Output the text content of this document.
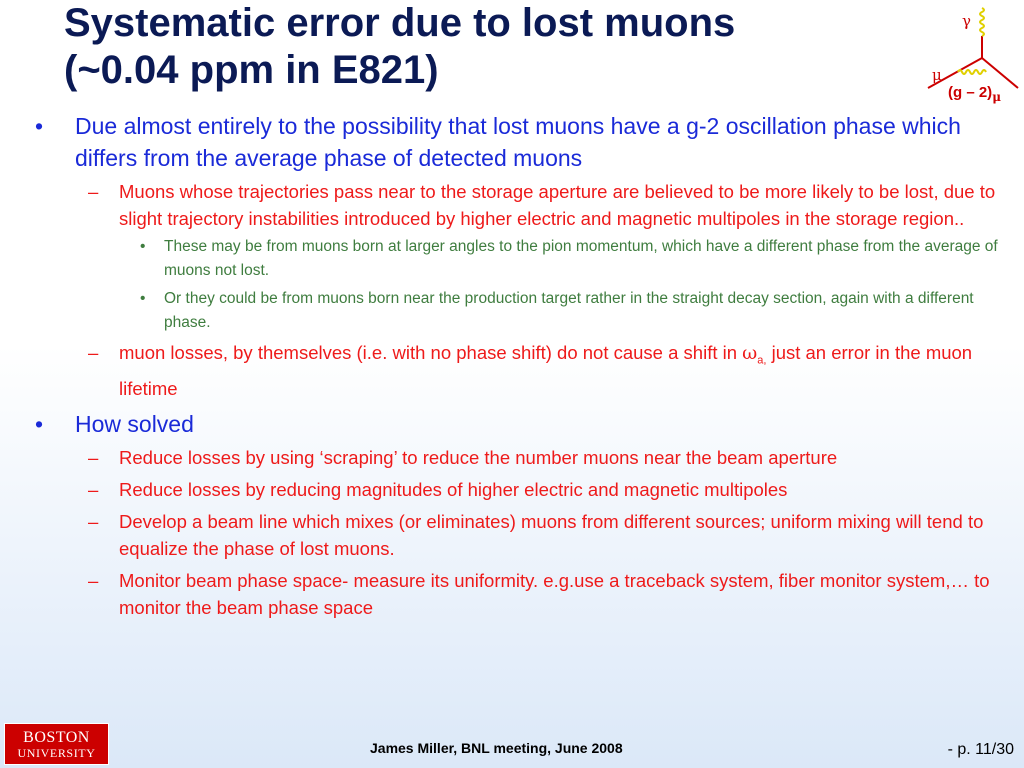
Systematic error due to lost muons
(~0.04 ppm in E821)
γ
μ
$(g - 2)_\mu$
• Due almost entirely to the possibility that lost muons have a g-2 oscillation phase which differs from the average phase of detected muons
– Muons whose trajectories pass near to the storage aperture are believed to be more likely to be lost, due to slight trajectory instabilities introduced by higher electric and magnetic multipoles in the storage region..
• These may be from muons born at larger angles to the pion momentum, which have a different phase from the average of muons not lost.
• Or they could be from muons born near the production target rather in the straight decay section, again with a different phase.
– muon losses, by themselves (i.e. with no phase shift) do not cause a shift in $\omega_{a,}$ just an error in the muon lifetime
• How solved
– Reduce losses by using ‘scraping’ to reduce the number muons near the beam aperture
– Reduce losses by reducing magnitudes of higher electric and magnetic multipoles
– Develop a beam line which mixes (or eliminates) muons from different sources; uniform mixing will tend to equalize the phase of lost muons.
– Monitor beam phase space- measure its uniformity. e.g.use a traceback system, fiber monitor system,… to monitor the beam phase space
BOSTON
UNIVERSITY	James Miller, BNL meeting, June 2008	- p. 11/30
